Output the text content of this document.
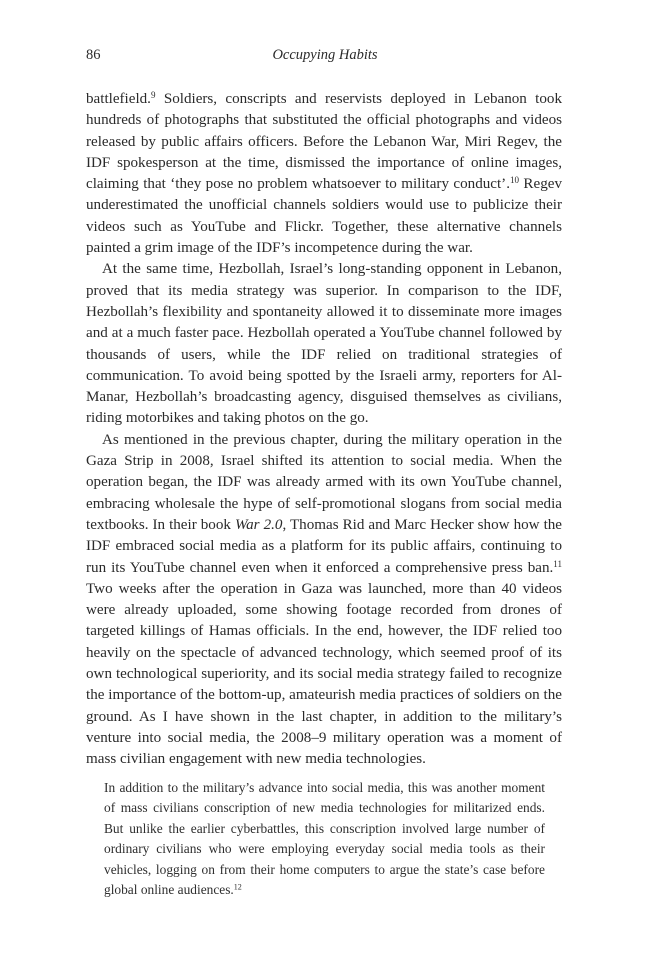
86	Occupying Habits

battlefield.$^9$ Soldiers, conscripts and reservists deployed in Lebanon took hundreds of photographs that substituted the official photographs and videos released by public affairs officers. Before the Lebanon War, Miri Regev, the IDF spokesperson at the time, dismissed the importance of online images, claiming that ‘they pose no problem whatsoever to military conduct’.$^{10}$ Regev underestimated the unofficial channels soldiers would use to publicize their videos such as YouTube and Flickr. Together, these alternative channels painted a grim image of the IDF’s incompetence during the war.

At the same time, Hezbollah, Israel’s long-standing opponent in Lebanon, proved that its media strategy was superior. In comparison to the IDF, Hezbollah’s flexibility and spontaneity allowed it to disseminate more images and at a much faster pace. Hezbollah operated a YouTube channel followed by thousands of users, while the IDF relied on traditional strategies of communication. To avoid being spotted by the Israeli army, reporters for Al-Manar, Hezbollah’s broadcasting agency, disguised themselves as civilians, riding motorbikes and taking photos on the go.

As mentioned in the previous chapter, during the military operation in the Gaza Strip in 2008, Israel shifted its attention to social media. When the operation began, the IDF was already armed with its own YouTube channel, embracing wholesale the hype of self-promotional slogans from social media textbooks. In their book War 2.0, Thomas Rid and Marc Hecker show how the IDF embraced social media as a platform for its public affairs, continuing to run its YouTube channel even when it enforced a comprehensive press ban.$^{11}$ Two weeks after the operation in Gaza was launched, more than 40 videos were already uploaded, some showing footage recorded from drones of targeted killings of Hamas officials. In the end, however, the IDF relied too heavily on the spectacle of advanced technology, which seemed proof of its own technological superiority, and its social media strategy failed to recognize the importance of the bottom-up, amateurish media practices of soldiers on the ground. As I have shown in the last chapter, in addition to the military’s venture into social media, the 2008–9 military operation was a moment of mass civilian engagement with new media technologies.

In addition to the military’s advance into social media, this was another moment of mass civilians conscription of new media technologies for militarized ends. But unlike the earlier cyberbattles, this conscription involved large number of ordinary civilians who were employing everyday social media tools as their vehicles, logging on from their home computers to argue the state’s case before global online audiences.$^{12}$
